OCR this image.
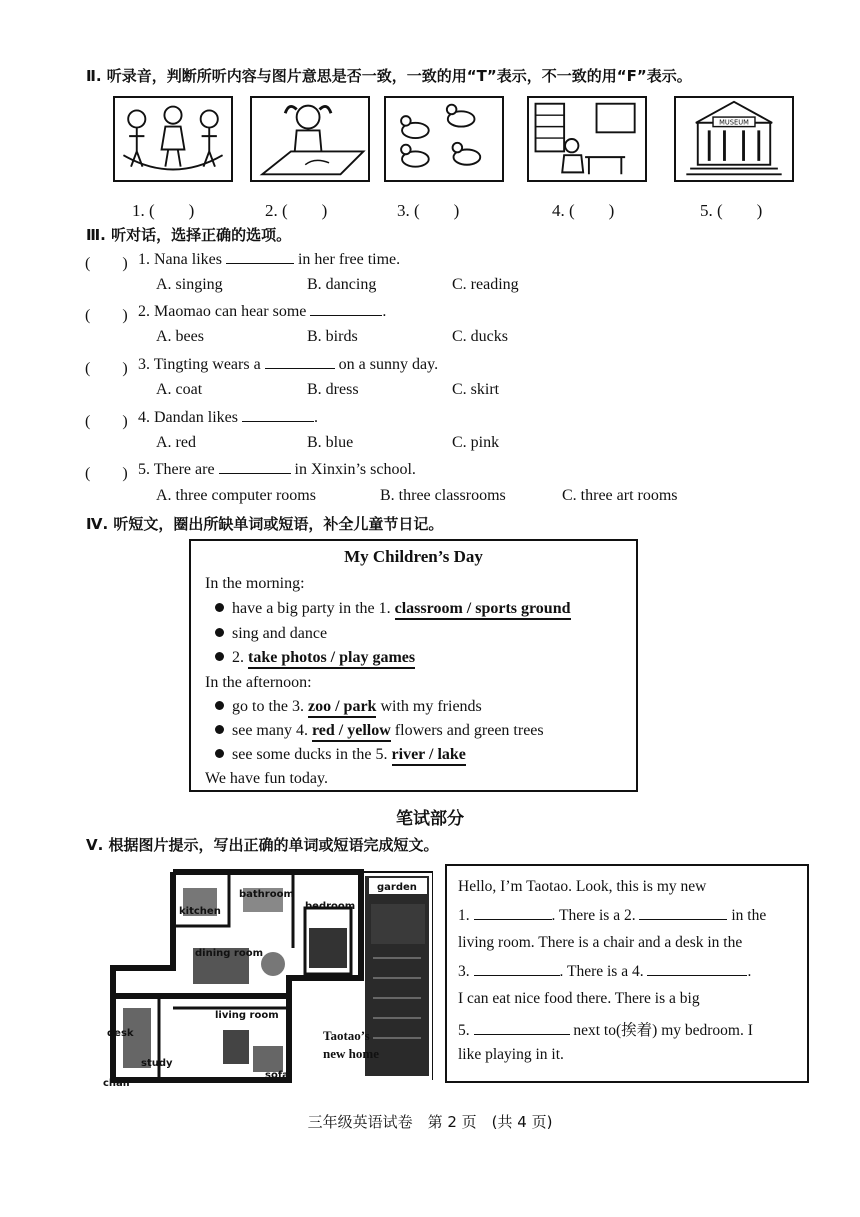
Ⅱ. 听录音，判断所听内容与图片意思是否一致，一致的用“T”表示，不一致的用“F”表示。
MUSEUM
1. (　　)	2. (　　)	3. (　　)	4. (　　)	5. (　　)
Ⅲ. 听对话，选择正确的选项。
(　　) 1. Nana likes	in her free time.
A. singing	B. dancing	C. reading
(　　) 2. Maomao can hear some	.
A. bees	B. birds	C. ducks
(　　) 3. Tingting wears a	on a sunny day.
A. coat	B. dress	C. skirt
(　　) 4. Dandan likes	.
A. red	B. blue	C. pink
(　　) 5. There are	in Xinxin’s school.
A. three computer rooms	B. three classrooms	C. three art rooms
Ⅳ. 听短文，圈出所缺单词或短语，补全儿童节日记。
My Children’s Day
In the morning:
have a big party in the 1. classroom / sports ground
sing and dance
2. take photos / play games
In the afternoon:
go to the 3. zoo / park with my friends
see many 4. red / yellow flowers and green trees
see some ducks in the 5. river / lake
We have fun today.
笔试部分
Ⅴ. 根据图片提示，写出正确的单词或短语完成短文。
bathroom
kitchen	bedroom
garden
dining room
living room
desk
study
chair
sofa
Taotao’s
new home
Hello, I’m Taotao. Look, this is my new
1.	. There is a 2.	in the
living room. There is a chair and a desk in the
3.	. There is a 4.	.
I can eat nice food there. There is a big
5.	next to(挨着) my bedroom. I
like playing in it.
三年级英语试卷　第 2 页　(共 4 页)
